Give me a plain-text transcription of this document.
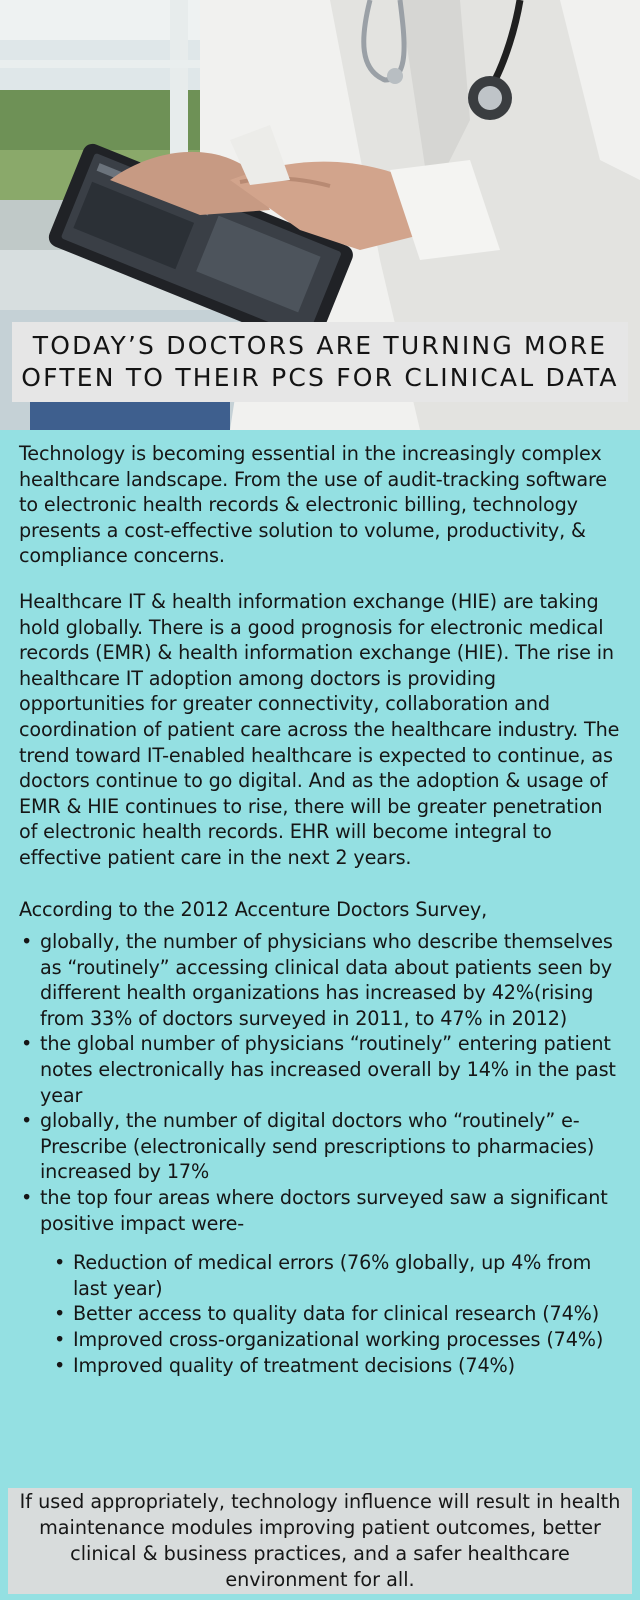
TODAY’S DOCTORS ARE TURNING MORE
OFTEN TO THEIR PCS FOR CLINICAL DATA

Technology is becoming essential in the increasingly complex healthcare landscape. From the use of audit-tracking software to electronic health records & electronic billing, technology presents a cost-effective solution to volume, productivity, & compliance concerns.

Healthcare IT & health information exchange (HIE) are taking hold globally. There is a good prognosis for electronic medical records (EMR) & health information exchange (HIE). The rise in healthcare IT adoption among doctors is providing opportunities for greater connectivity, collaboration and coordination of patient care across the healthcare industry. The trend toward IT-enabled healthcare is expected to continue, as doctors continue to go digital. And as the adoption & usage of EMR & HIE continues to rise, there will be greater penetration of electronic health records. EHR will become integral to effective patient care in the next 2 years.

According to the 2012 Accenture Doctors Survey,

• globally, the number of physicians who describe themselves as “routinely” accessing clinical data about patients seen by different health organizations has increased by 42%(rising from 33% of doctors surveyed in 2011, to 47% in 2012)
• the global number of physicians “routinely” entering patient notes electronically has increased overall by 14% in the past year
• globally, the number of digital doctors who “routinely” e-Prescribe (electronically send prescriptions to pharmacies) increased by 17%
• the top four areas where doctors surveyed saw a significant positive impact were-
• Reduction of medical errors (76% globally, up 4% from last year)
• Better access to quality data for clinical research (74%)
• Improved cross-organizational working processes (74%)
• Improved quality of treatment decisions (74%)

If used appropriately, technology influence will result in health maintenance modules improving patient outcomes, better clinical & business practices, and a safer healthcare environment for all.
